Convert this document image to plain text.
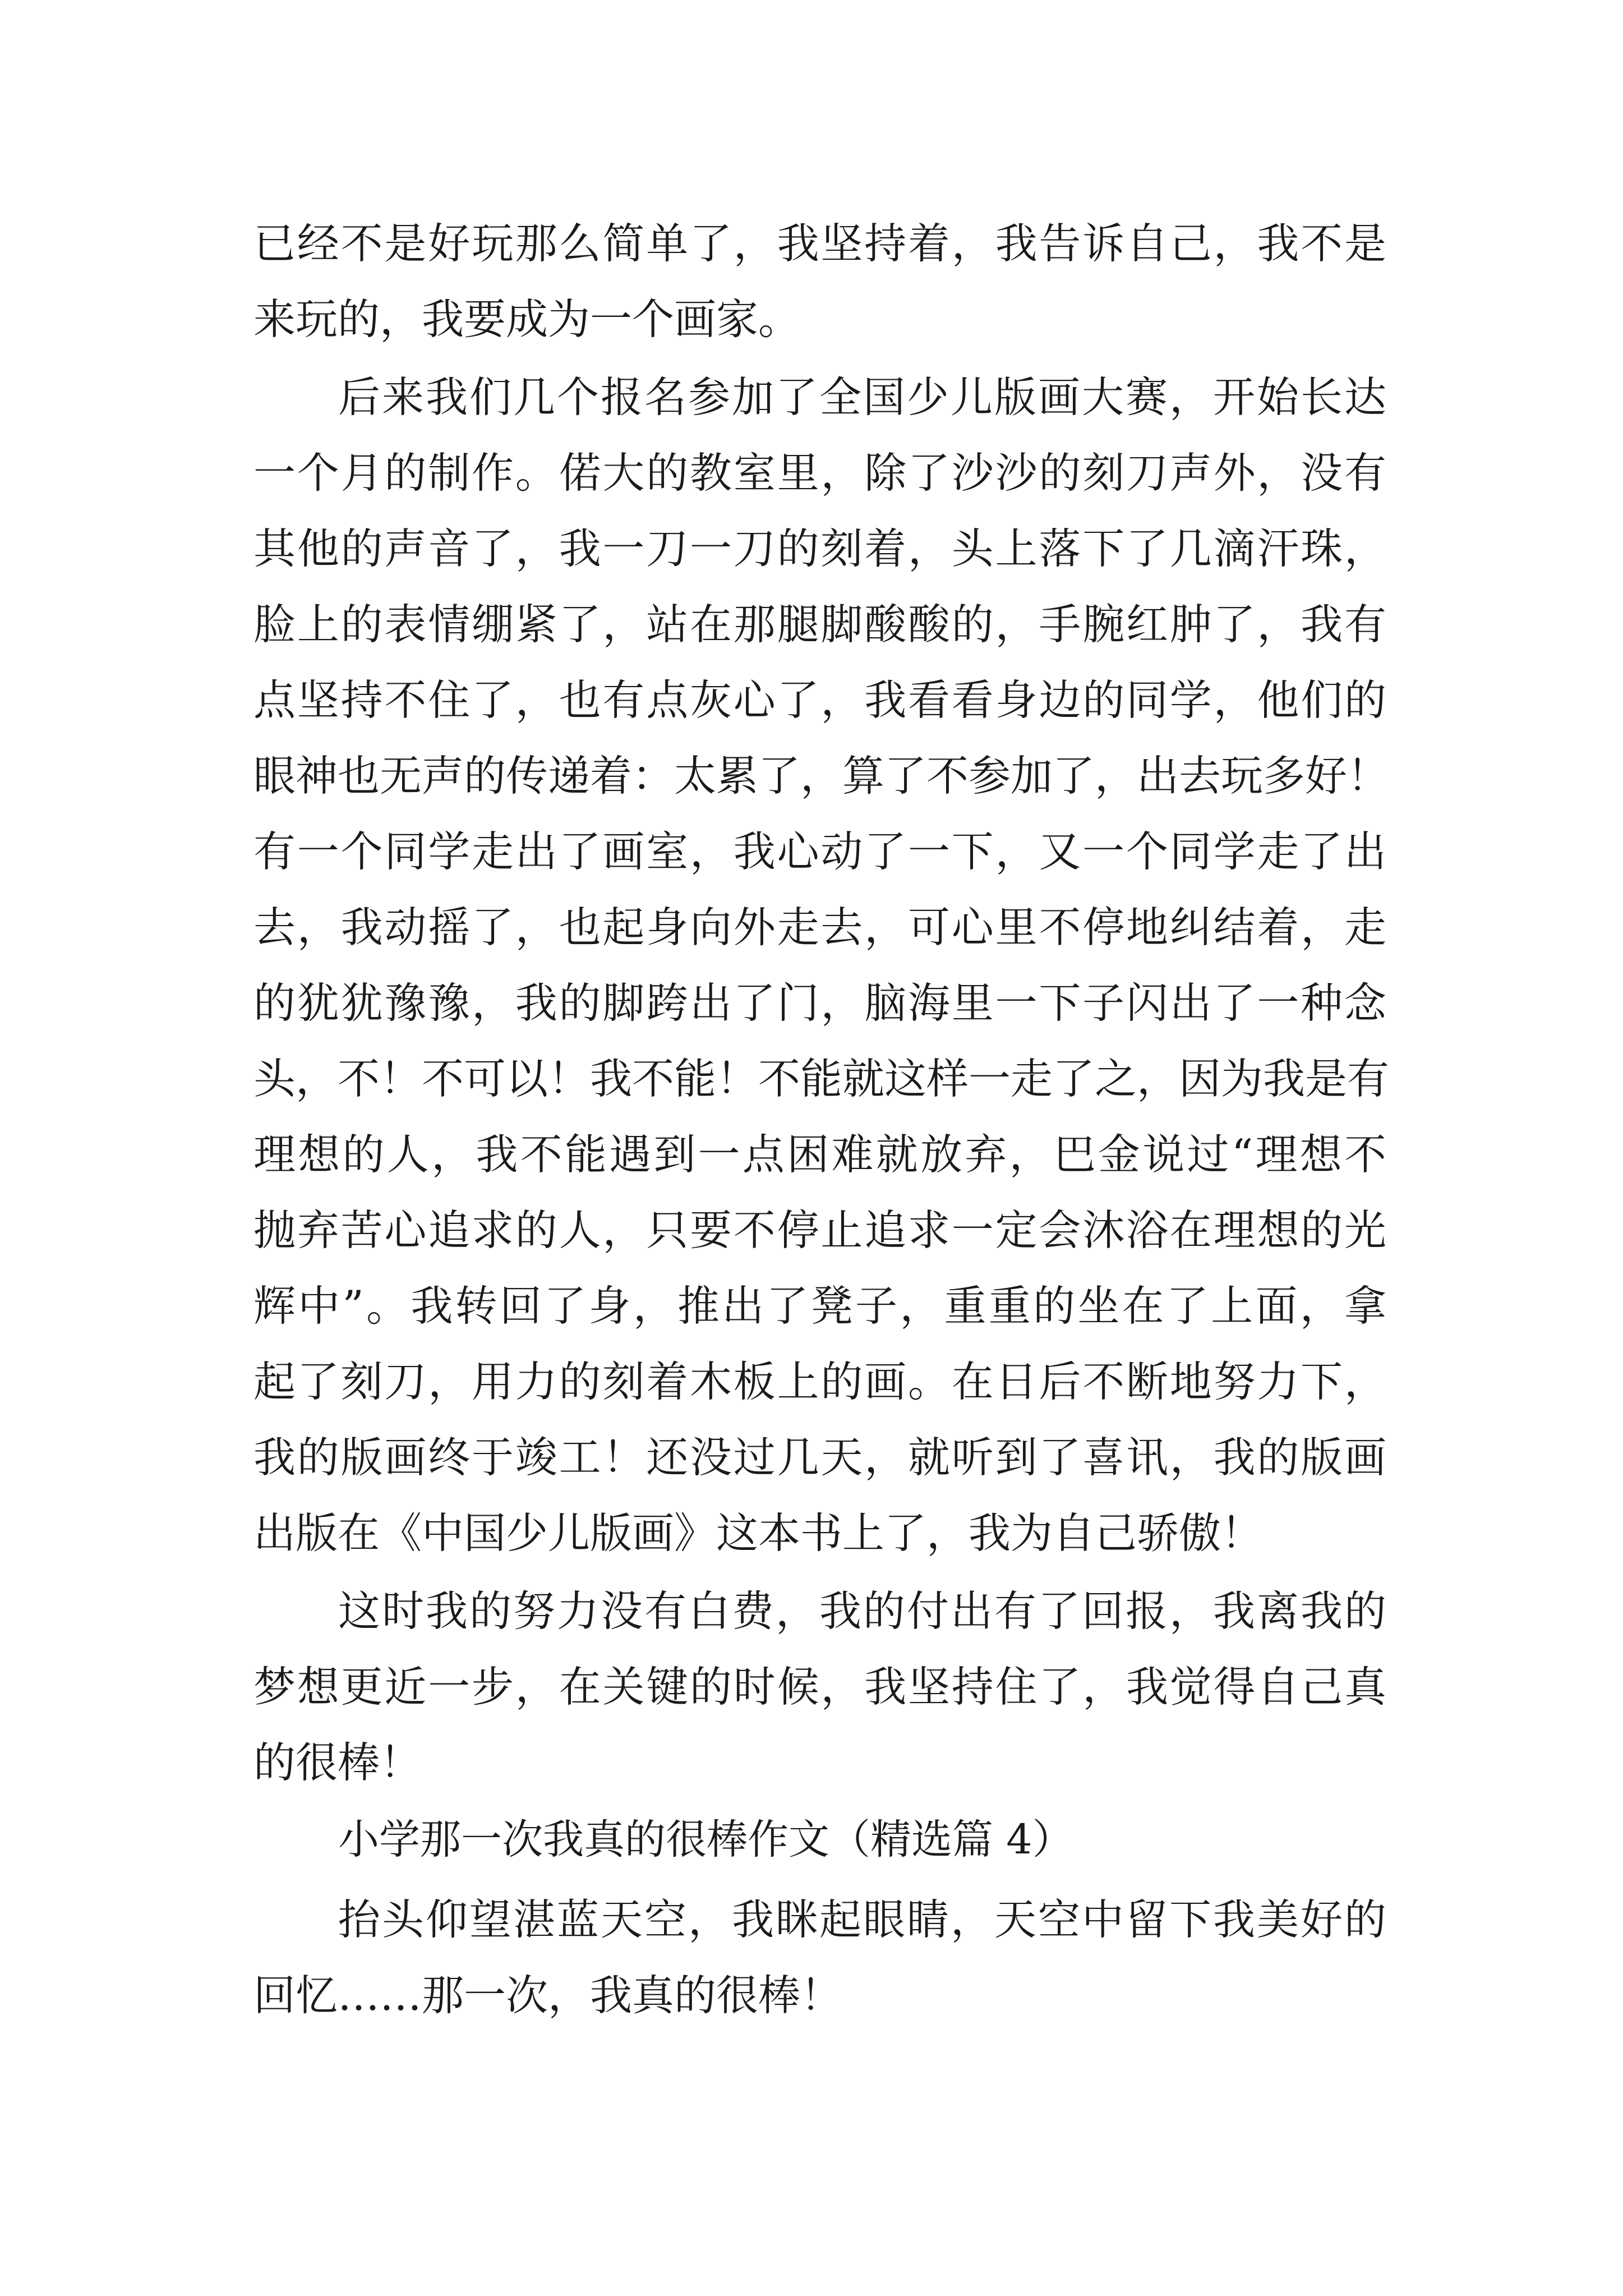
已经不是好玩那么简单了，我坚持着，我告诉自己，我不是
来玩的，我要成为一个画家。
后来我们几个报名参加了全国少儿版画大赛，开始长达
一个月的制作。偌大的教室里，除了沙沙的刻刀声外，没有
其他的声音了，我一刀一刀的刻着，头上落下了几滴汗珠，
脸上的表情绷紧了，站在那腿脚酸酸的，手腕红肿了，我有
点坚持不住了，也有点灰心了，我看看身边的同学，他们的
眼神也无声的传递着：太累了，算了不参加了，出去玩多好！
有一个同学走出了画室，我心动了一下，又一个同学走了出
去，我动摇了，也起身向外走去，可心里不停地纠结着，走
的犹犹豫豫，我的脚跨出了门，脑海里一下子闪出了一种念
头，不！不可以！我不能！不能就这样一走了之，因为我是有
理想的人，我不能遇到一点困难就放弃，巴金说过“理想不
抛弃苦心追求的人，只要不停止追求一定会沐浴在理想的光
辉中”。我转回了身，推出了凳子，重重的坐在了上面，拿
起了刻刀，用力的刻着木板上的画。在日后不断地努力下，
我的版画终于竣工！还没过几天，就听到了喜讯，我的版画
出版在《中国少儿版画》这本书上了，我为自己骄傲！
这时我的努力没有白费，我的付出有了回报，我离我的
梦想更近一步，在关键的时候，我坚持住了，我觉得自己真
的很棒！
小学那一次我真的很棒作文（精选篇 4）
抬头仰望湛蓝天空，我眯起眼睛，天空中留下我美好的
回忆……那一次，我真的很棒！
